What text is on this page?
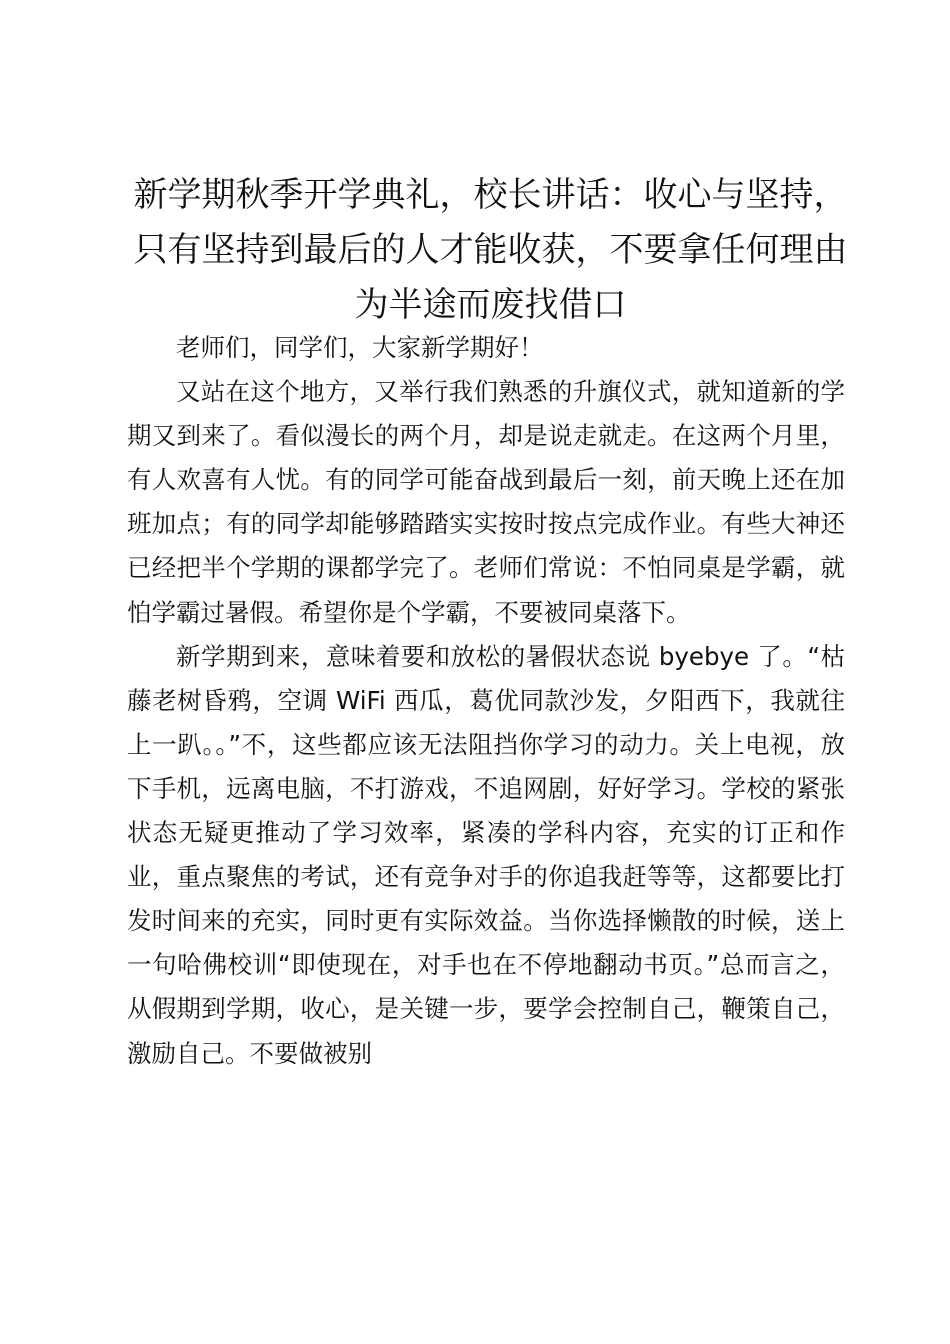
新学期秋季开学典礼，校长讲话：收心与坚持，只有坚持到最后的人才能收获，不要拿任何理由为半途而废找借口

老师们，同学们，大家新学期好！

又站在这个地方，又举行我们熟悉的升旗仪式，就知道新的学期又到来了。看似漫长的两个月，却是说走就走。在这两个月里，有人欢喜有人忧。有的同学可能奋战到最后一刻，前天晚上还在加班加点；有的同学却能够踏踏实实按时按点完成作业。有些大神还已经把半个学期的课都学完了。老师们常说：不怕同桌是学霸，就怕学霸过暑假。希望你是个学霸，不要被同桌落下。

新学期到来，意味着要和放松的暑假状态说 byebye 了。“枯藤老树昏鸦，空调 WiFi 西瓜，葛优同款沙发，夕阳西下，我就往上一趴。。”不，这些都应该无法阻挡你学习的动力。关上电视，放下手机，远离电脑，不打游戏，不追网剧，好好学习。学校的紧张状态无疑更推动了学习效率，紧凑的学科内容，充实的订正和作业，重点聚焦的考试，还有竞争对手的你追我赶等等，这都要比打发时间来的充实，同时更有实际效益。当你选择懒散的时候，送上一句哈佛校训“即使现在，对手也在不停地翻动书页。”总而言之，从假期到学期，收心，是关键一步，要学会控制自己，鞭策自己，激励自己。不要做被别
